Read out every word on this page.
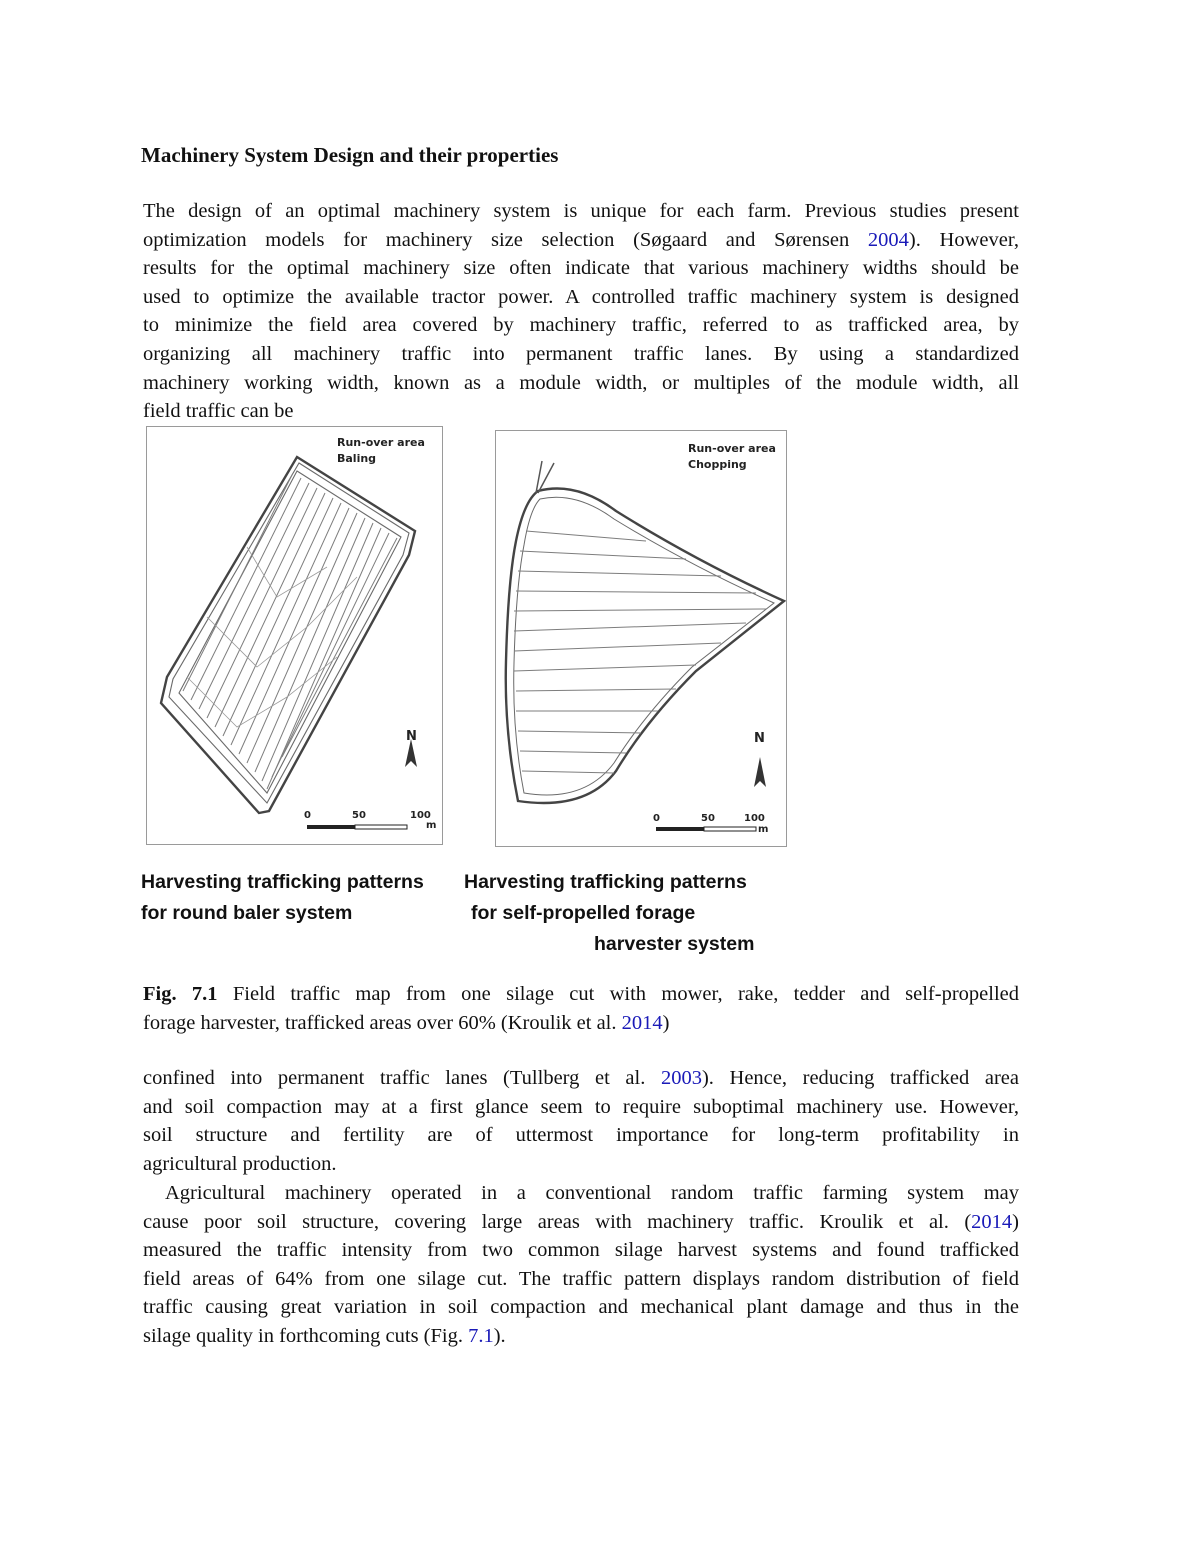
Machinery System Design and their properties
The design of an optimal machinery system is unique for each farm. Previous studies present
optimization models for machinery size selection (Søgaard and Sørensen 2004). However,
results for the optimal machinery size often indicate that various machinery widths should be
used to optimize the available tractor power. A controlled traffic machinery system is designed
to minimize the field area covered by machinery traffic, referred to as trafficked area, by
organizing all machinery traffic into permanent traffic lanes. By using a standardized
machinery working width, known as a module width, or multiples of the module width, all
field traffic can be
Run-over area
Baling
N
0	50	100
m
Run-over area
Chopping
N
0	50	100
m
Harvesting trafficking patterns
for round baler system
Harvesting trafficking patterns
for self-propelled forage
harvester system
Fig. 7.1 Field traffic map from one silage cut with mower, rake, tedder and self-propelled
forage harvester, trafficked areas over 60% (Kroulik et al. 2014)
confined into permanent traffic lanes (Tullberg et al. 2003). Hence, reducing trafficked area
and soil compaction may at a first glance seem to require suboptimal machinery use. However,
soil structure and fertility are of uttermost importance for long-term profitability in
agricultural production.
Agricultural machinery operated in a conventional random traffic farming system may
cause poor soil structure, covering large areas with machinery traffic. Kroulik et al. (2014)
measured the traffic intensity from two common silage harvest systems and found trafficked
field areas of 64% from one silage cut. The traffic pattern displays random distribution of field
traffic causing great variation in soil compaction and mechanical plant damage and thus in the
silage quality in forthcoming cuts (Fig. 7.1).
